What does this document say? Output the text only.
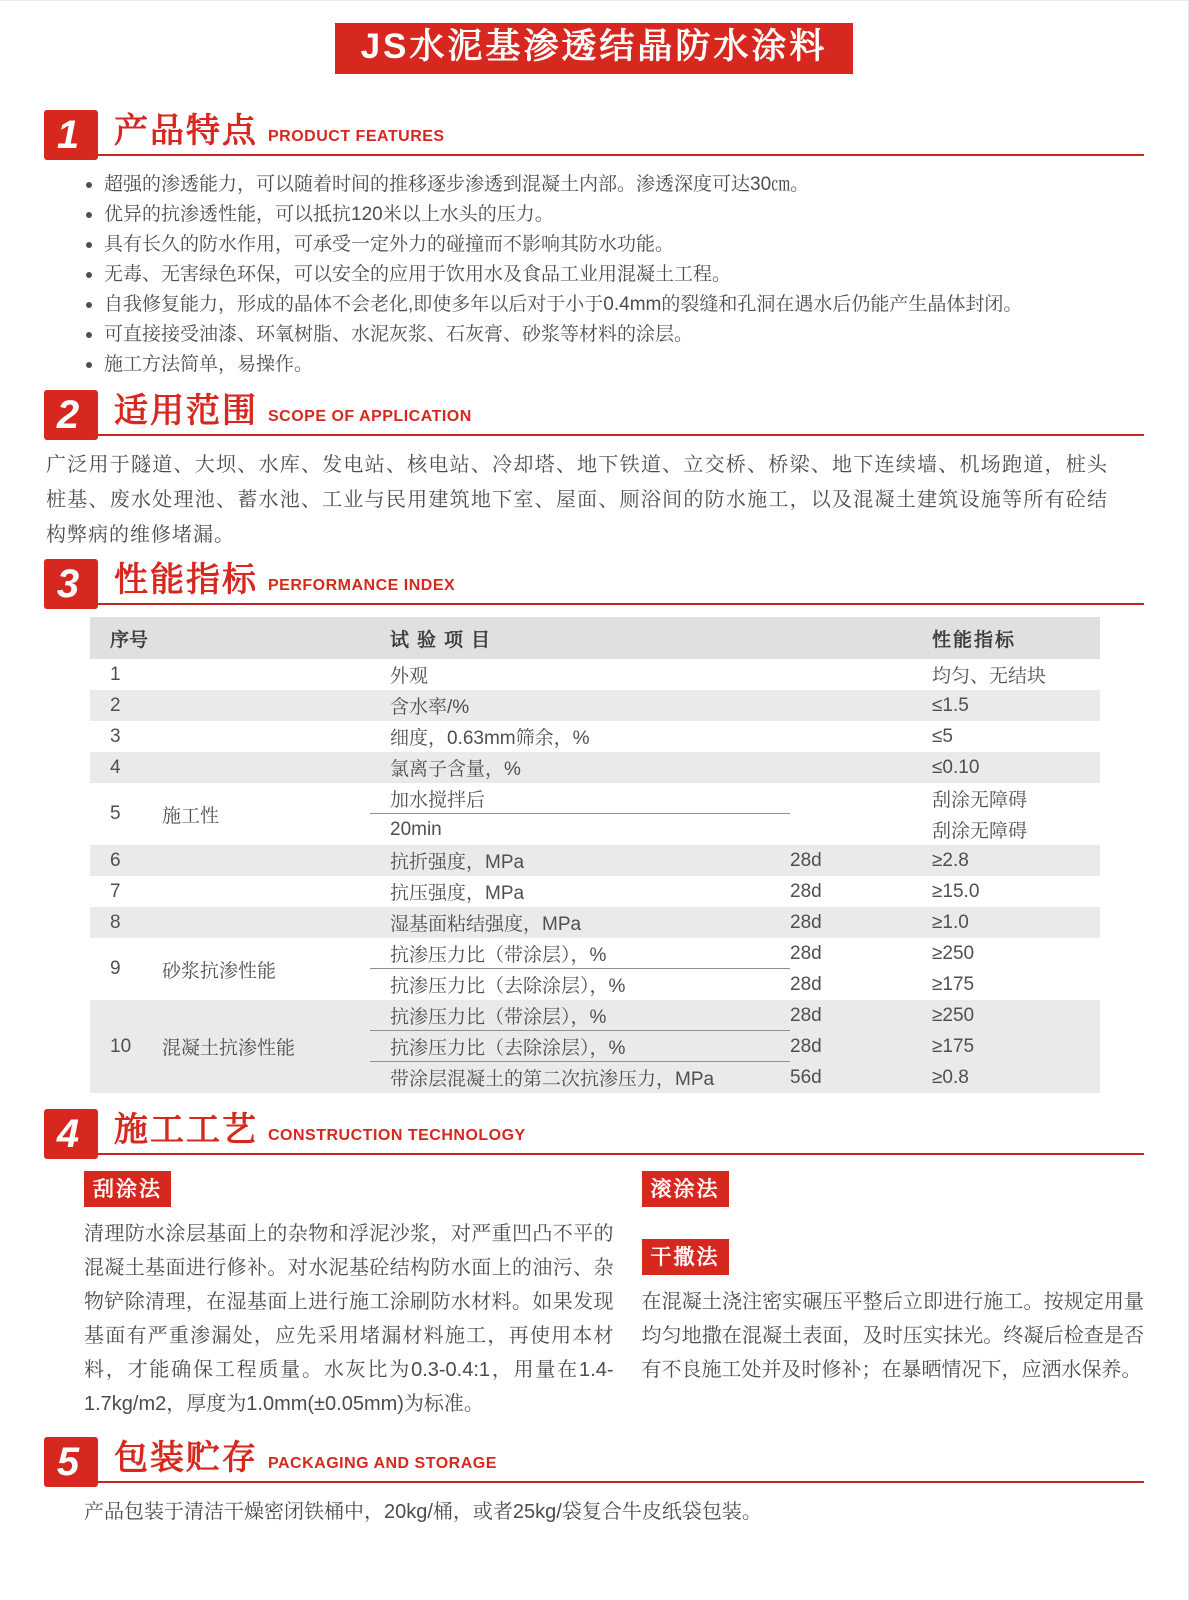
JS水泥基渗透结晶防水涂料
1	产品特点 PRODUCT FEATURES
超强的渗透能力，可以随着时间的推移逐步渗透到混凝土内部。渗透深度可达30㎝。
优异的抗渗透性能，可以抵抗120米以上水头的压力。
具有长久的防水作用，可承受一定外力的碰撞而不影响其防水功能。
无毒、无害绿色环保，可以安全的应用于饮用水及食品工业用混凝土工程。
自我修复能力，形成的晶体不会老化,即使多年以后对于小于0.4mm的裂缝和孔洞在遇水后仍能产生晶体封闭。
可直接接受油漆、环氧树脂、水泥灰浆、石灰膏、砂浆等材料的涂层。
施工方法简单，易操作。
2	适用范围 SCOPE OF APPLICATION

广泛用于隧道、大坝、水库、发电站、核电站、冷却塔、地下铁道、立交桥、桥梁、地下连续墙、机场跑道，桩头桩基、废水处理池、蓄水池、工业与民用建筑地下室、屋面、厕浴间的防水施工，以及混凝土建筑设施等所有砼结构弊病的维修堵漏。

3	性能指标 PERFORMANCE INDEX
序号	试验项目	性能指标
1	外观	均匀、无结块
2	含水率/%	≤1.5
3	细度，0.63mm筛余，%	≤5
4	氯离子含量，%	≤0.10
5	施工性
加水搅拌后	刮涂无障碍
20min	刮涂无障碍
6	抗折强度，MPa	28d	≥2.8
7	抗压强度，MPa	28d	≥15.0
8	湿基面粘结强度，MPa	28d	≥1.0
9	砂浆抗渗性能
抗渗压力比（带涂层），%	28d	≥250
抗渗压力比（去除涂层），%	28d	≥175
10	混凝土抗渗性能
抗渗压力比（带涂层），%	28d	≥250
抗渗压力比（去除涂层），%	28d	≥175
带涂层混凝土的第二次抗渗压力，MPa	56d	≥0.8
4	施工工艺 CONSTRUCTION TECHNOLOGY
刮涂法

清理防水涂层基面上的杂物和浮泥沙浆，对严重凹凸不平的混凝土基面进行修补。对水泥基砼结构防水面上的油污、杂物铲除清理，在湿基面上进行施工涂刷防水材料。如果发现基面有严重渗漏处，应先采用堵漏材料施工，再使用本材料，才能确保工程质量。水灰比为0.3-0.4:1，用量在1.4-1.7kg/m2，厚度为1.0mm(±0.05mm)为标准。

滚涂法
干撒法

在混凝土浇注密实碾压平整后立即进行施工。按规定用量均匀地撒在混凝土表面，及时压实抹光。终凝后检查是否有不良施工处并及时修补；在暴晒情况下，应洒水保养。

5	包装贮存 PACKAGING AND STORAGE

产品包装于清洁干燥密闭铁桶中，20kg/桶，或者25kg/袋复合牛皮纸袋包装。
